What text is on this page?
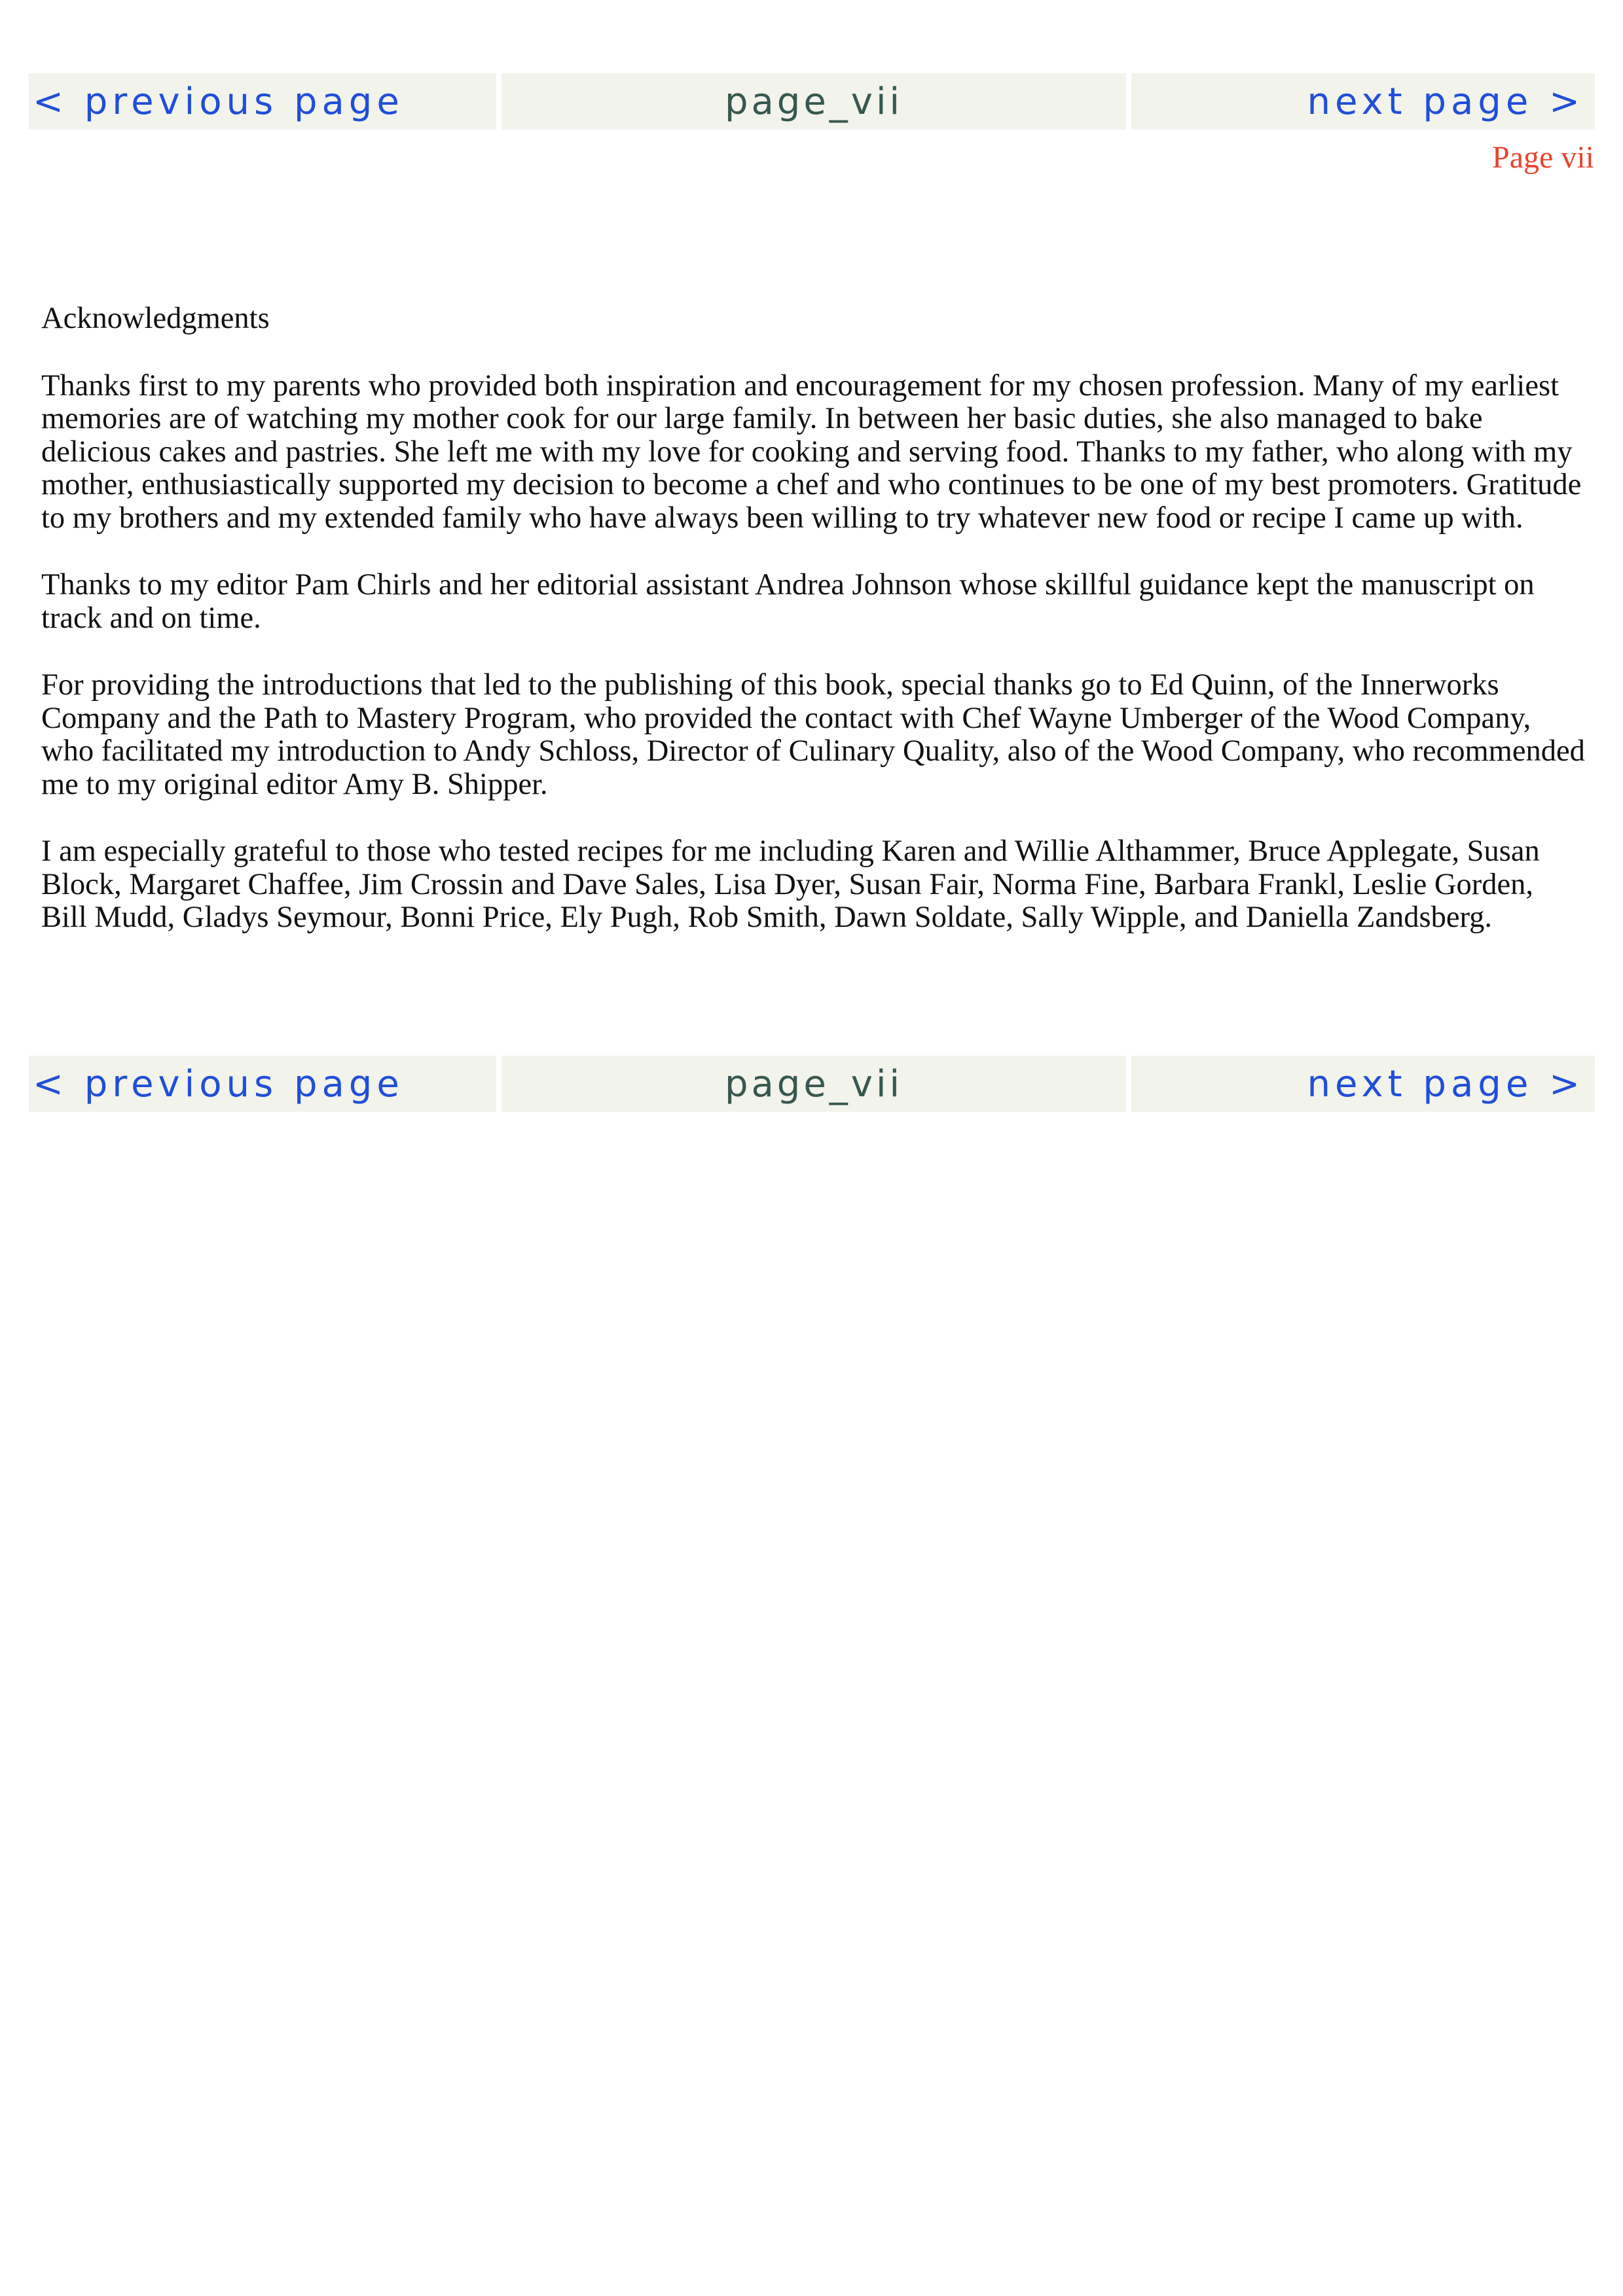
< previous page	page_vii	next page >
Page vii
Acknowledgments

Thanks first to my parents who provided both inspiration and encouragement for my chosen profession. Many of my earliest memories are of watching my mother cook for our large family. In between her basic duties, she also managed to bake delicious cakes and pastries. She left me with my love for cooking and serving food. Thanks to my father, who along with my mother, enthusiastically supported my decision to become a chef and who continues to be one of my best promoters. Gratitude to my brothers and my extended family who have always been willing to try whatever new food or recipe I came up with.

Thanks to my editor Pam Chirls and her editorial assistant Andrea Johnson whose skillful guidance kept the manuscript on track and on time.

For providing the introductions that led to the publishing of this book, special thanks go to Ed Quinn, of the Innerworks Company and the Path to Mastery Program, who provided the contact with Chef Wayne Umberger of the Wood Company, who facilitated my introduction to Andy Schloss, Director of Culinary Quality, also of the Wood Company, who recommended me to my original editor Amy B. Shipper.

I am especially grateful to those who tested recipes for me including Karen and Willie Althammer, Bruce Applegate, Susan Block, Margaret Chaffee, Jim Crossin and Dave Sales, Lisa Dyer, Susan Fair, Norma Fine, Barbara Frankl, Leslie Gorden, Bill Mudd, Gladys Seymour, Bonni Price, Ely Pugh, Rob Smith, Dawn Soldate, Sally Wipple, and Daniella Zandsberg.

< previous page	page_vii	next page >
